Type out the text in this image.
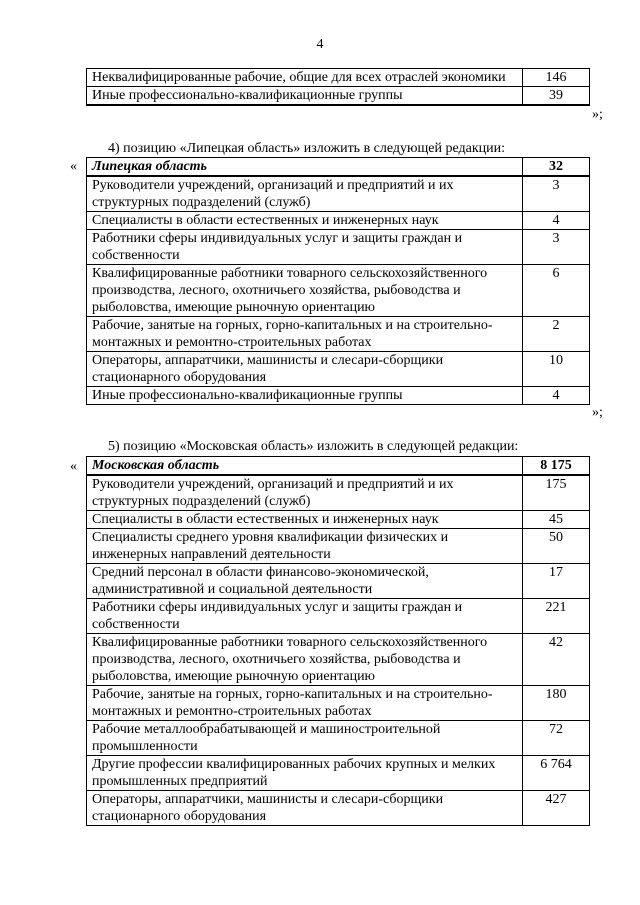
4
Неквалифицированные рабочие, общие для всех отраслей экономики	146
Иные профессионально-квалификационные группы	39
»;
4) позицию «Липецкая область» изложить в следующей редакции:
« Липецкая область	32
Руководители учреждений, организаций и предприятий и их структурных подразделений (служб)	3
Специалисты в области естественных и инженерных наук	4
Работники сферы индивидуальных услуг и защиты граждан и собственности	3
Квалифицированные работники товарного сельскохозяйственного производства, лесного, охотничьего хозяйства, рыбоводства и рыболовства, имеющие рыночную ориентацию	6
Рабочие, занятые на горных, горно-капитальных и на строительно-монтажных и ремонтно-строительных работах	2
Операторы, аппаратчики, машинисты и слесари-сборщики стационарного оборудования	10
Иные профессионально-квалификационные группы	4
»;
5) позицию «Московская область» изложить в следующей редакции:
« Московская область	8 175
Руководители учреждений, организаций и предприятий и их структурных подразделений (служб)	175
Специалисты в области естественных и инженерных наук	45
Специалисты среднего уровня квалификации физических и инженерных направлений деятельности	50
Средний персонал в области финансово-экономической, административной и социальной деятельности	17
Работники сферы индивидуальных услуг и защиты граждан и собственности	221
Квалифицированные работники товарного сельскохозяйственного производства, лесного, охотничьего хозяйства, рыбоводства и рыболовства, имеющие рыночную ориентацию	42
Рабочие, занятые на горных, горно-капитальных и на строительно-монтажных и ремонтно-строительных работах	180
Рабочие металлообрабатывающей и машиностроительной промышленности	72
Другие профессии квалифицированных рабочих крупных и мелких промышленных предприятий	6 764
Операторы, аппаратчики, машинисты и слесари-сборщики стационарного оборудования	427
